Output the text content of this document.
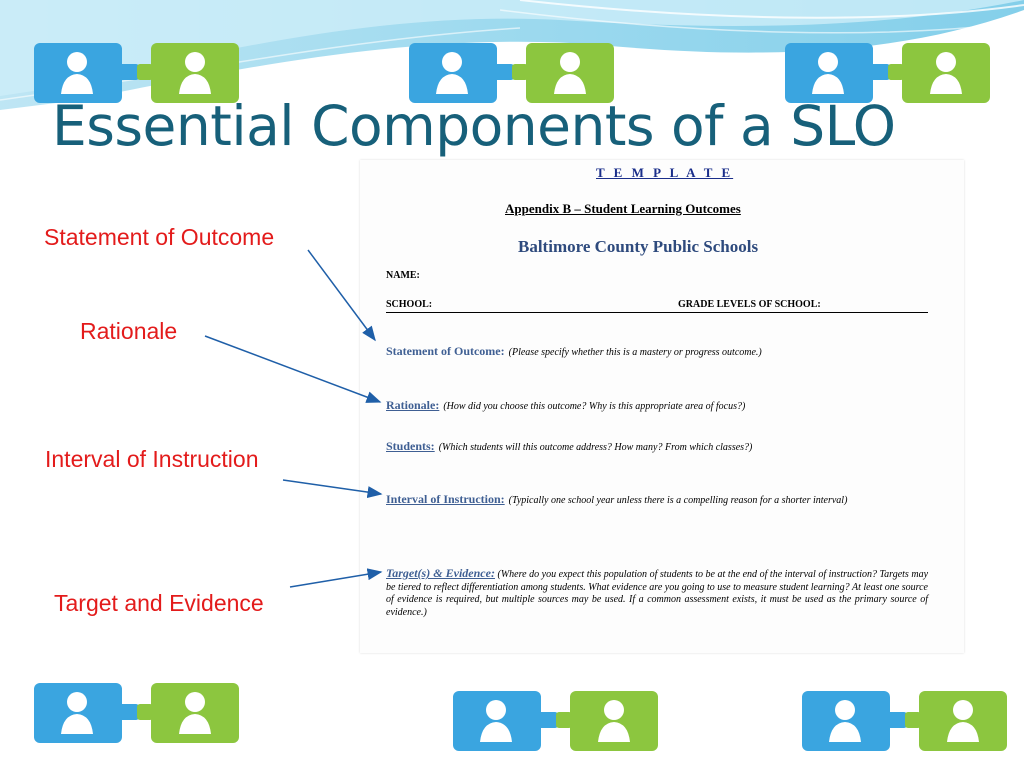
Essential Components of a SLO
T E M P L A T E
Appendix B – Student Learning Outcomes
Baltimore County Public Schools
NAME:
SCHOOL:	GRADE LEVELS OF SCHOOL:
Statement of Outcome: (Please specify whether this is a mastery or progress outcome.)
Rationale: (How did you choose this outcome? Why is this appropriate area of focus?)
Students: (Which students will this outcome address? How many? From which classes?)
Interval of Instruction: (Typically one school year unless there is a compelling reason for a shorter interval)
Target(s) & Evidence: (Where do you expect this population of students to be at the end of the interval of instruction? Targets may be tiered to reflect differentiation among students. What evidence are you going to use to measure student learning? At least one source of evidence is required, but multiple sources may be used. If a common assessment exists, it must be used as the primary source of evidence.)
Statement of Outcome
Rationale
Interval of Instruction
Target and Evidence
